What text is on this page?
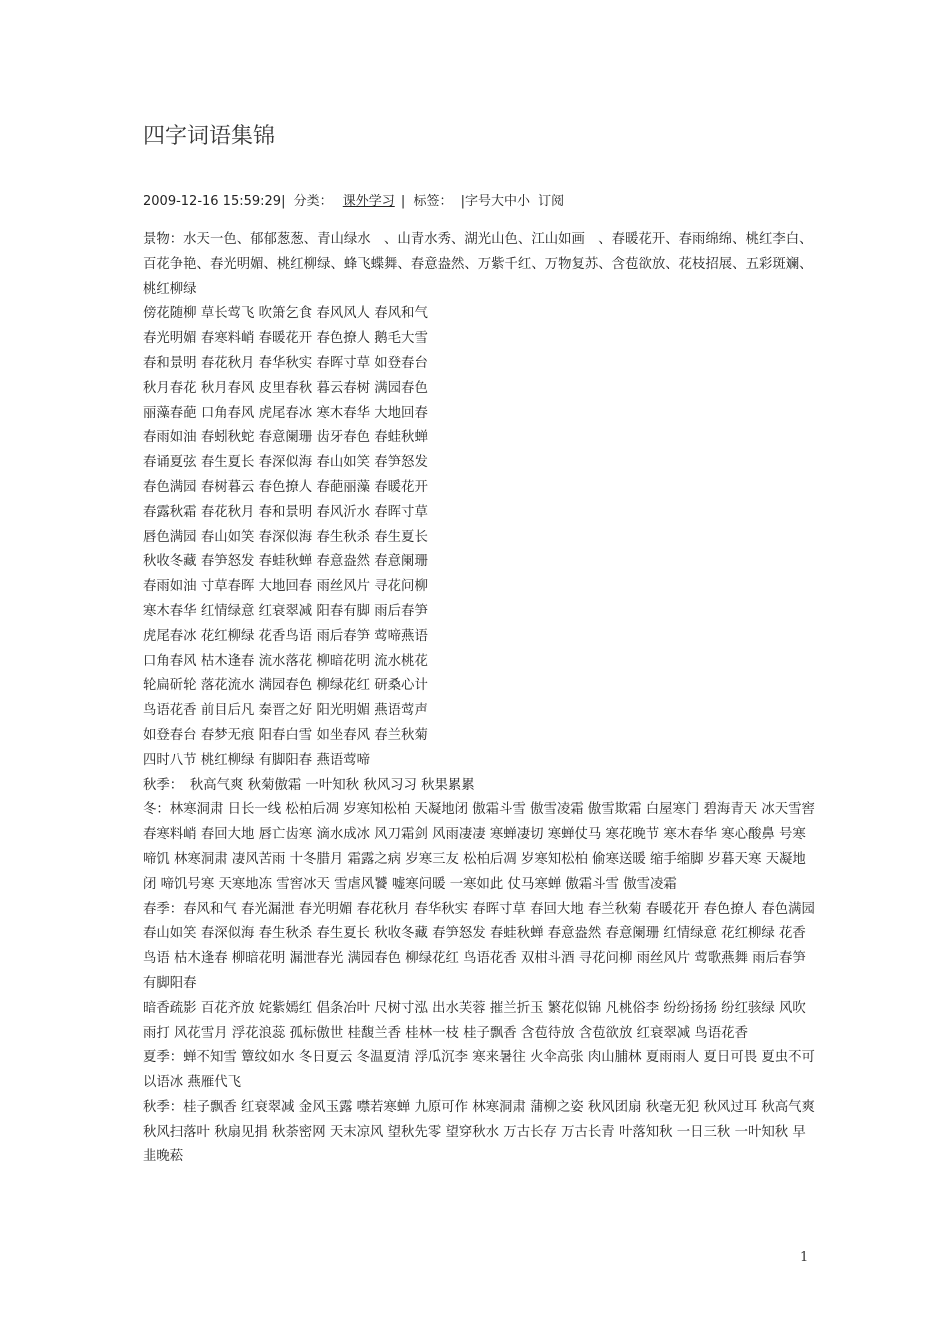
四字词语集锦
2009-12-16 15:59:29| 分类： 课外学习 | 标签： |字号大中小 订阅

景物：水天一色、郁郁葱葱、青山绿水　、山青水秀、湖光山色、江山如画　、春暖花开、春雨绵绵、桃红李白、百花争艳、春光明媚、桃红柳绿、蜂飞蝶舞、春意盎然、万紫千红、万物复苏、含苞欲放、花枝招展、五彩斑斓、桃红柳绿

傍花随柳 草长莺飞 吹箫乞食 春风风人 春风和气

春光明媚 春寒料峭 春暖花开 春色撩人 鹅毛大雪

春和景明 春花秋月 春华秋实 春晖寸草 如登春台

秋月春花 秋月春风 皮里春秋 暮云春树 满园春色

丽藻春葩 口角春风 虎尾春冰 寒木春华 大地回春

春雨如油 春蚓秋蛇 春意阑珊 齿牙春色 春蛙秋蝉

春诵夏弦 春生夏长 春深似海 春山如笑 春笋怒发

春色满园 春树暮云 春色撩人 春葩丽藻 春暖花开

春露秋霜 春花秋月 春和景明 春风沂水 春晖寸草

唇色满园 春山如笑 春深似海 春生秋杀 春生夏长

秋收冬藏 春笋怒发 春蛙秋蝉 春意盎然 春意阑珊

春雨如油 寸草春晖 大地回春 雨丝风片 寻花问柳

寒木春华 红情绿意 红衰翠减 阳春有脚 雨后春笋

虎尾春冰 花红柳绿 花香鸟语 雨后春笋 莺啼燕语

口角春风 枯木逢春 流水落花 柳暗花明 流水桃花

轮扁斫轮 落花流水 满园春色 柳绿花红 研桑心计

鸟语花香 前目后凡 秦晋之好 阳光明媚 燕语莺声

如登春台 春梦无痕 阳春白雪 如坐春风 春兰秋菊

四时八节 桃红柳绿 有脚阳春 燕语莺啼

秋季：　秋高气爽 秋菊傲霜 一叶知秋 秋风习习 秋果累累

冬：林寒洞肃 日长一线 松柏后凋 岁寒知松柏 天凝地闭 傲霜斗雪 傲雪凌霜 傲雪欺霜 白屋寒门 碧海青天 冰天雪窖 春寒料峭 春回大地 唇亡齿寒 滴水成冰 风刀霜剑 风雨凄凄 寒蝉凄切 寒蝉仗马 寒花晚节 寒木春华 寒心酸鼻 号寒啼饥 林寒洞肃 凄风苦雨 十冬腊月 霜露之病 岁寒三友 松柏后凋 岁寒知松柏 偷寒送暖 缩手缩脚 岁暮天寒 天凝地闭 啼饥号寒 天寒地冻 雪窖冰天 雪虐风饕 嘘寒问暖 一寒如此 仗马寒蝉 傲霜斗雪 傲雪凌霜

春季：春风和气 春光漏泄 春光明媚 春花秋月 春华秋实 春晖寸草 春回大地 春兰秋菊 春暖花开 春色撩人 春色满园 春山如笑 春深似海 春生秋杀 春生夏长 秋收冬藏 春笋怒发 春蛙秋蝉 春意盎然 春意阑珊 红情绿意 花红柳绿 花香鸟语 枯木逢春 柳暗花明 漏泄春光 满园春色 柳绿花红 鸟语花香 双柑斗酒 寻花问柳 雨丝风片 莺歌燕舞 雨后春笋 有脚阳春

暗香疏影 百花齐放 姹紫嫣红 倡条冶叶 尺树寸泓 出水芙蓉 摧兰折玉 繁花似锦 凡桃俗李 纷纷扬扬 纷红骇绿 风吹雨打 风花雪月 浮花浪蕊 孤标傲世 桂馥兰香 桂林一枝 桂子飘香 含苞待放 含苞欲放 红衰翠减 鸟语花香

夏季：蝉不知雪 簟纹如水 冬日夏云 冬温夏清 浮瓜沉李 寒来暑往 火伞高张 肉山脯林 夏雨雨人 夏日可畏 夏虫不可以语冰 燕雁代飞

秋季：桂子飘香 红衰翠减 金风玉露 噤若寒蝉 九原可作 林寒洞肃 蒲柳之姿 秋风团扇 秋毫无犯 秋风过耳 秋高气爽 秋风扫落叶 秋扇见捐 秋荼密网 天末凉风 望秋先零 望穿秋水 万古长存 万古长青 叶落知秋 一日三秋 一叶知秋 早韭晚菘

1
